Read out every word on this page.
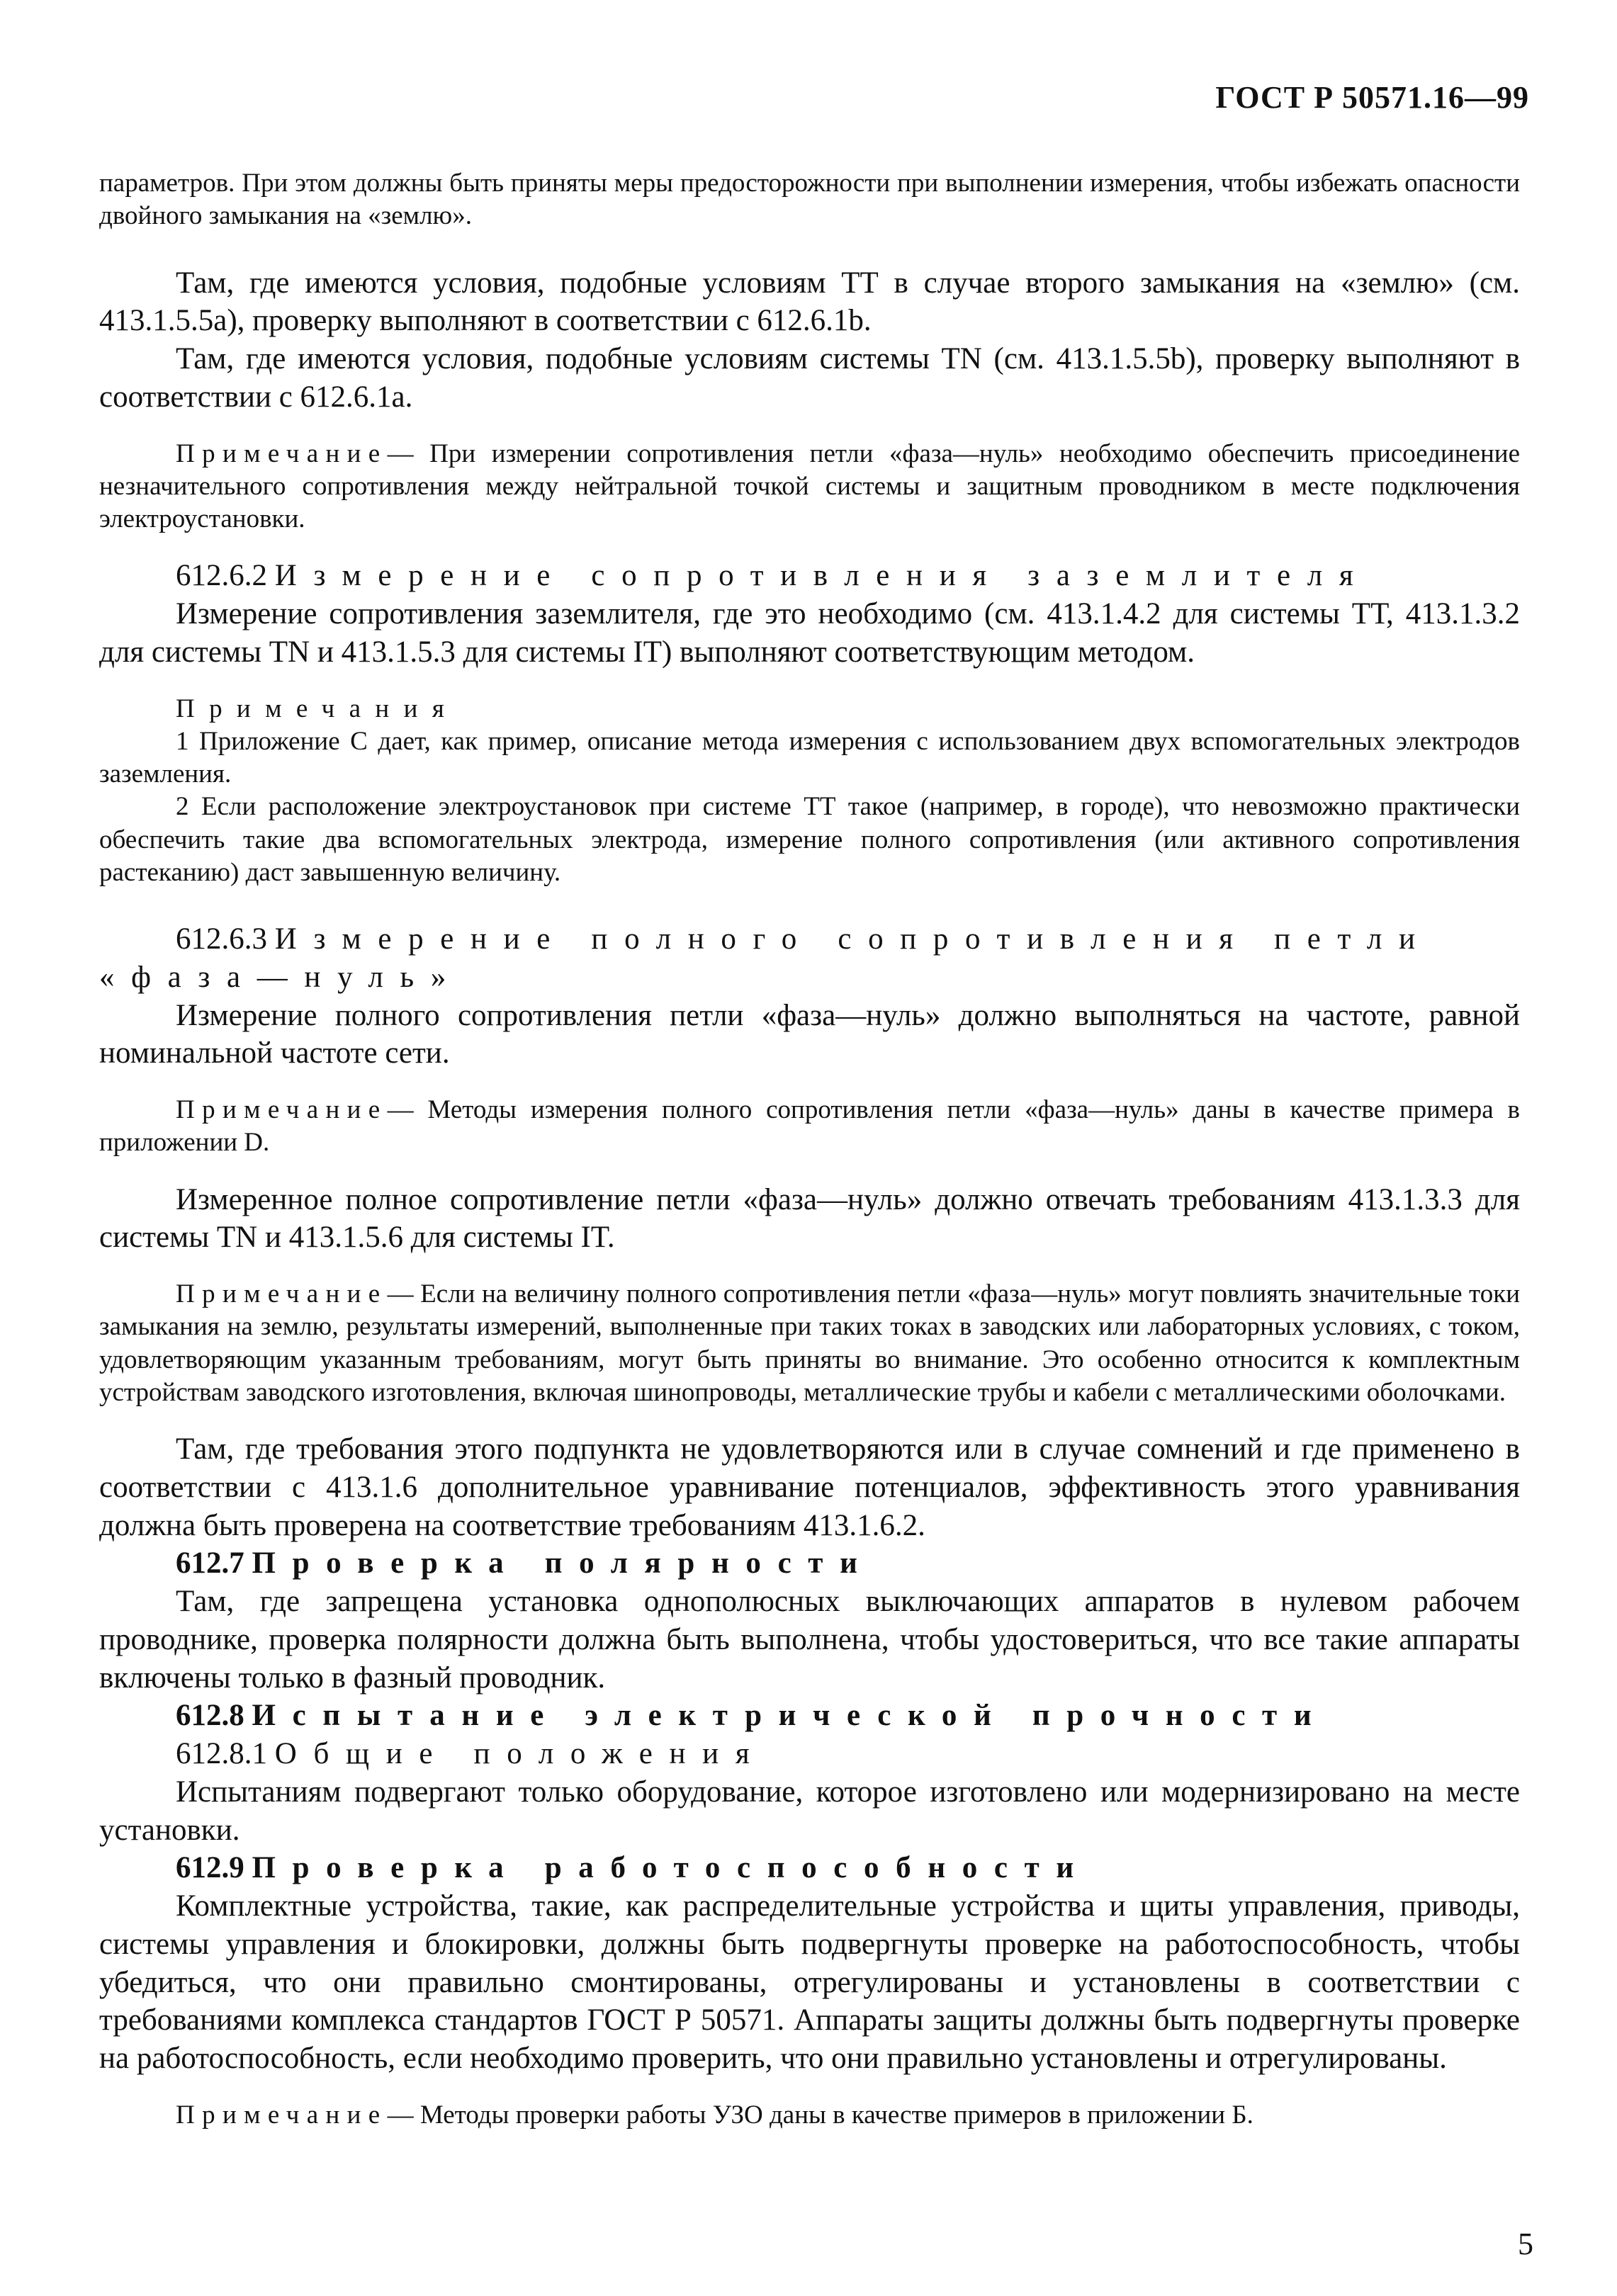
ГОСТ Р 50571.16—99

параметров. При этом должны быть приняты меры предосторожности при выполнении измерения, чтобы избежать опасности двойного замыкания на «землю».

Там, где имеются условия, подобные условиям ТТ в случае второго замыкания на «землю» (см. 413.1.5.5а), проверку выполняют в соответствии с 612.6.1b.

Там, где имеются условия, подобные условиям системы TN (см. 413.1.5.5b), проверку выполняют в соответствии с 612.6.1а.

Примечание— При измерении сопротивления петли «фаза—нуль» необходимо обеспечить присоединение незначительного сопротивления между нейтральной точкой системы и защитным проводником в месте подключения электроустановки.

612.6.2 Измерение сопротивления заземлителя

Измерение сопротивления заземлителя, где это необходимо (см. 413.1.4.2 для системы ТТ, 413.1.3.2 для системы TN и 413.1.5.3 для системы IT) выполняют соответствующим методом.

Примечания

1 Приложение С дает, как пример, описание метода измерения с использованием двух вспомогательных электродов заземления.

2 Если расположение электроустановок при системе ТТ такое (например, в городе), что невозможно практически обеспечить такие два вспомогательных электрода, измерение полного сопротивления (или активного сопротивления растеканию) даст завышенную величину.

612.6.3 Измерение полного сопротивления петли «фаза—нуль»

Измерение полного сопротивления петли «фаза—нуль» должно выполняться на частоте, равной номинальной частоте сети.

Примечание— Методы измерения полного сопротивления петли «фаза—нуль» даны в качестве примера в приложении D.

Измеренное полное сопротивление петли «фаза—нуль» должно отвечать требованиям 413.1.3.3 для системы TN и 413.1.5.6 для системы IT.

Примечание— Если на величину полного сопротивления петли «фаза—нуль» могут повлиять значительные токи замыкания на землю, результаты измерений, выполненные при таких токах в заводских или лабораторных условиях, с током, удовлетворяющим указанным требованиям, могут быть приняты во внимание. Это особенно относится к комплектным устройствам заводского изготовления, включая шинопроводы, металлические трубы и кабели с металлическими оболочками.

Там, где требования этого подпункта не удовлетворяются или в случае сомнений и где применено в соответствии с 413.1.6 дополнительное уравнивание потенциалов, эффективность этого уравнивания должна быть проверена на соответствие требованиям 413.1.6.2.

612.7 Проверка полярности

Там, где запрещена установка однополюсных выключающих аппаратов в нулевом рабочем проводнике, проверка полярности должна быть выполнена, чтобы удостовериться, что все такие аппараты включены только в фазный проводник.

612.8 Испытание электрической прочности

612.8.1 Общие положения

Испытаниям подвергают только оборудование, которое изготовлено или модернизировано на месте установки.

612.9 Проверка работоспособности

Комплектные устройства, такие, как распределительные устройства и щиты управления, приводы, системы управления и блокировки, должны быть подвергнуты проверке на работоспособность, чтобы убедиться, что они правильно смонтированы, отрегулированы и установлены в соответствии с требованиями комплекса стандартов ГОСТ Р 50571. Аппараты защиты должны быть подвергнуты проверке на работоспособность, если необходимо проверить, что они правильно установлены и отрегулированы.

Примечание— Методы проверки работы УЗО даны в качестве примеров в приложении Б.

5
